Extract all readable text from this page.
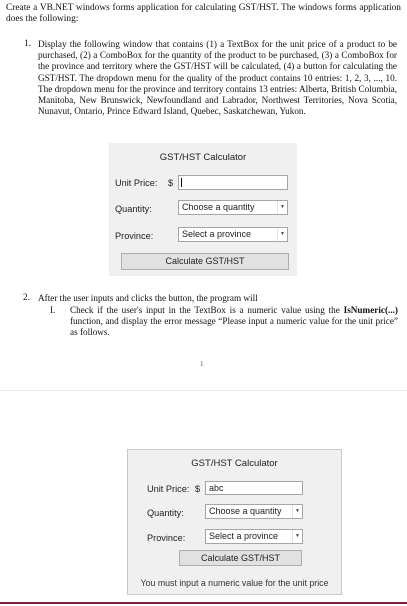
Create a VB.NET windows forms application for calculating GST/HST. The windows forms application does the following:
1. Display the following window that contains (1) a TextBox for the unit price of a product to be purchased, (2) a ComboBox for the quantity of the product to be purchased, (3) a ComboBox for the province and territory where the GST/HST will be calculated, (4) a button for calculating the GST/HST. The dropdown menu for the quality of the product contains 10 entries: 1, 2, 3, ..., 10. The dropdown menu for the province and territory contains 13 entries: Alberta, British Columbia, Manitoba, New Brunswick, Newfoundland and Labrador, Northwest Territories, Nova Scotia, Nunavut, Ontario, Prince Edward Island, Quebec, Saskatchewan, Yukon.
GST/HST Calculator
Unit Price: $
Quantity:	Choose a quantity	▼
Province:	Select a province	▼
Calculate GST/HST
2. After the user inputs and clicks the button, the program will
I. Check if the user's input in the TextBox is a numeric value using the IsNumeric(...) function, and display the error message “Please input a numeric value for the unit price” as follows.
1
GST/HST Calculator
Unit Price: $ abc
Quantity:	Choose a quantity	▼
Province:	Select a province	▼
Calculate GST/HST
You must input a numeric value for the unit price
